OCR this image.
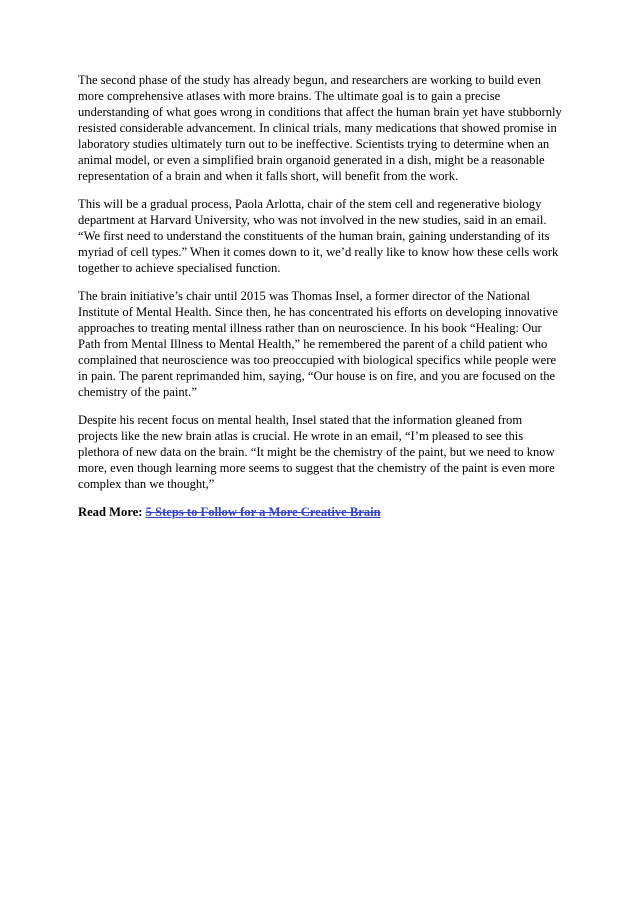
The second phase of the study has already begun, and researchers are working to build even more comprehensive atlases with more brains. The ultimate goal is to gain a precise understanding of what goes wrong in conditions that affect the human brain yet have stubbornly resisted considerable advancement. In clinical trials, many medications that showed promise in laboratory studies ultimately turn out to be ineffective. Scientists trying to determine when an animal model, or even a simplified brain organoid generated in a dish, might be a reasonable representation of a brain and when it falls short, will benefit from the work.

This will be a gradual process, Paola Arlotta, chair of the stem cell and regenerative biology department at Harvard University, who was not involved in the new studies, said in an email. “We first need to understand the constituents of the human brain, gaining understanding of its myriad of cell types.” When it comes down to it, we’d really like to know how these cells work together to achieve specialised function.

The brain initiative’s chair until 2015 was Thomas Insel, a former director of the National Institute of Mental Health. Since then, he has concentrated his efforts on developing innovative approaches to treating mental illness rather than on neuroscience. In his book “Healing: Our Path from Mental Illness to Mental Health,” he remembered the parent of a child patient who complained that neuroscience was too preoccupied with biological specifics while people were in pain. The parent reprimanded him, saying, “Our house is on fire, and you are focused on the chemistry of the paint.”

Despite his recent focus on mental health, Insel stated that the information gleaned from projects like the new brain atlas is crucial. He wrote in an email, “I’m pleased to see this plethora of new data on the brain. “It might be the chemistry of the paint, but we need to know more, even though learning more seems to suggest that the chemistry of the paint is even more complex than we thought,”

Read More: 5 Steps to Follow for a More Creative Brain
